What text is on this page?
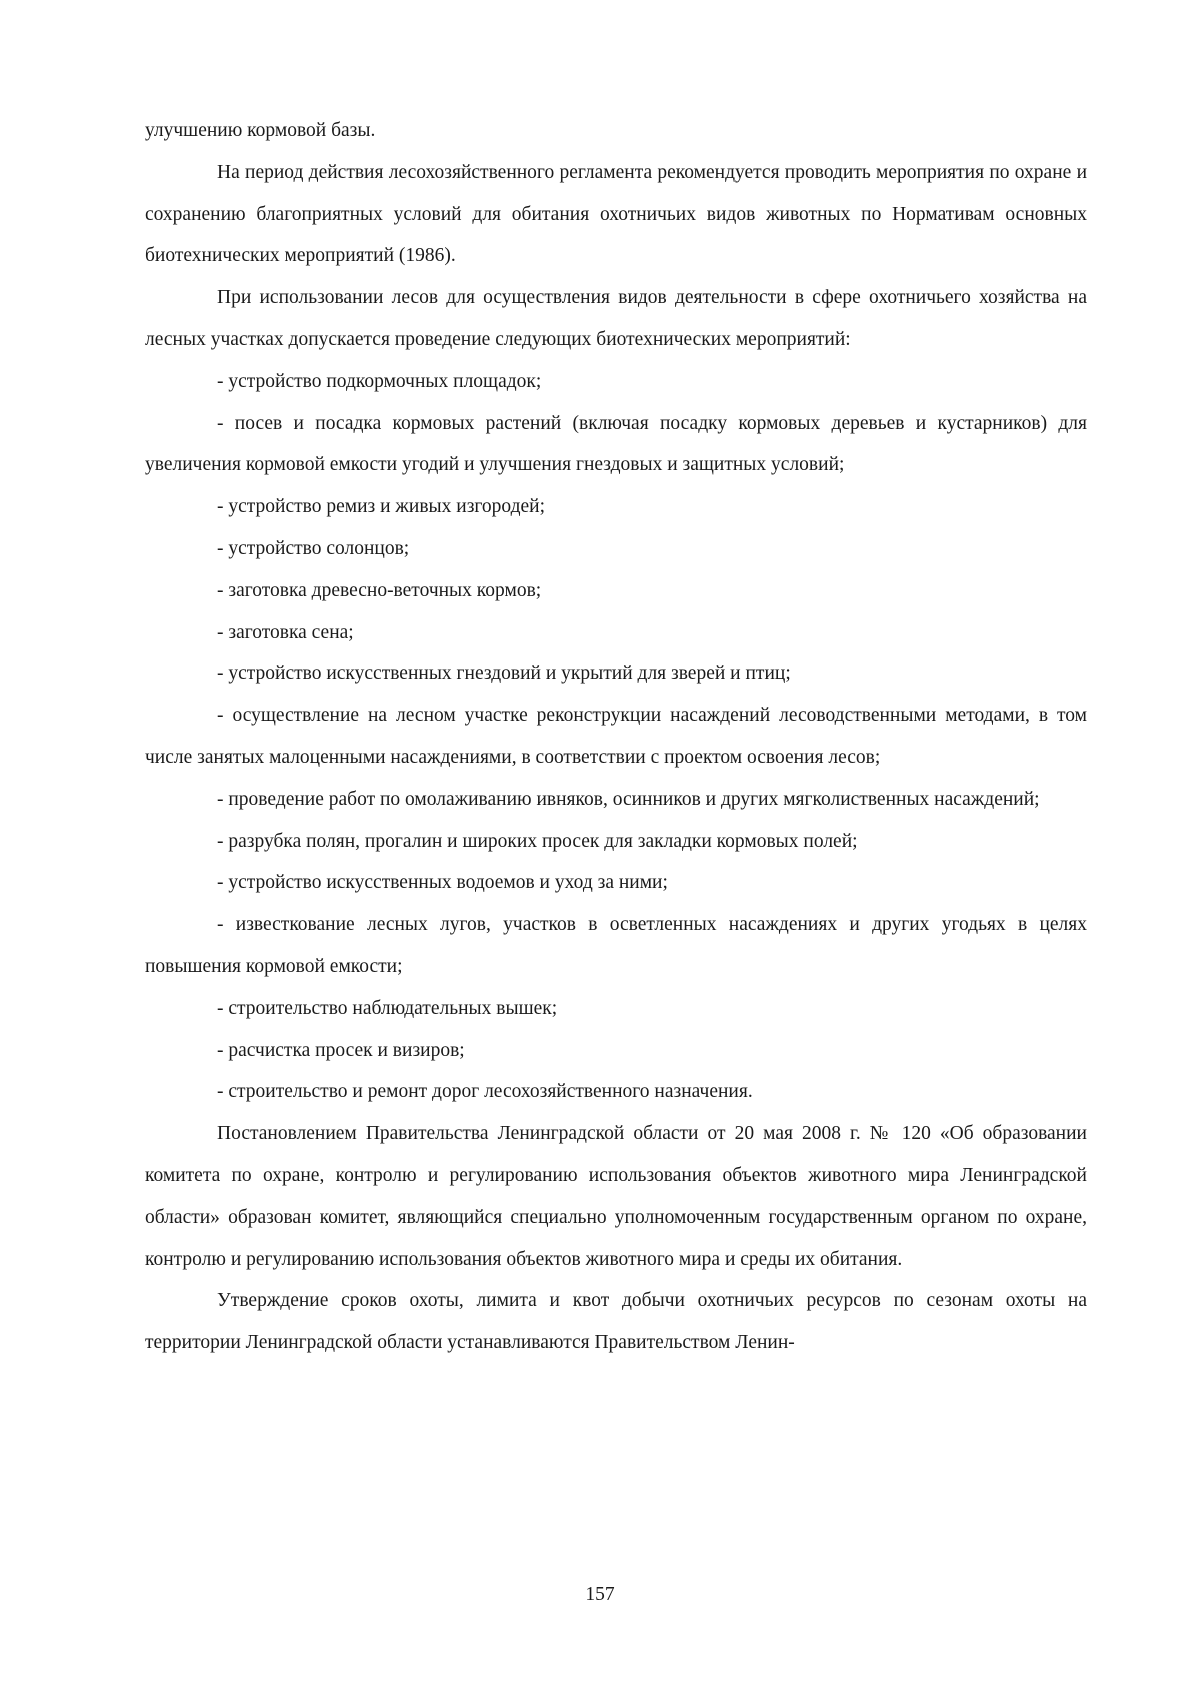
улучшению кормовой базы.

На период действия лесохозяйственного регламента рекомендуется проводить мероприятия по охране и сохранению благоприятных условий для обитания охотничьих видов животных по Нормативам основных биотехнических мероприятий (1986).

При использовании лесов для осуществления видов деятельности в сфере охотничьего хозяйства на лесных участках допускается проведение следующих биотехнических мероприятий:

- устройство подкормочных площадок;

- посев и посадка кормовых растений (включая посадку кормовых деревьев и кустарников) для увеличения кормовой емкости угодий и улучшения гнездовых и защитных условий;

- устройство ремиз и живых изгородей;

- устройство солонцов;

- заготовка древесно-веточных кормов;

- заготовка сена;

- устройство искусственных гнездовий и укрытий для зверей и птиц;

- осуществление на лесном участке реконструкции насаждений лесоводственными методами, в том числе занятых малоценными насаждениями, в соответствии с проектом освоения лесов;

- проведение работ по омолаживанию ивняков, осинников и других мягколиственных насаждений;

- разрубка полян, прогалин и широких просек для закладки кормовых полей;

- устройство искусственных водоемов и уход за ними;

- известкование лесных лугов, участков в осветленных насаждениях и других угодьях в целях повышения кормовой емкости;

- строительство наблюдательных вышек;

- расчистка просек и визиров;

- строительство и ремонт дорог лесохозяйственного назначения.

Постановлением Правительства Ленинградской области от 20 мая 2008 г. № 120 «Об образовании комитета по охране, контролю и регулированию использования объектов животного мира Ленинградской области» образован комитет, являющийся специально уполномоченным государственным органом по охране, контролю и регулированию использования объектов животного мира и среды их обитания.

Утверждение сроков охоты, лимита и квот добычи охотничьих ресурсов по сезонам охоты на территории Ленинградской области устанавливаются Правительством Ленин-

157
